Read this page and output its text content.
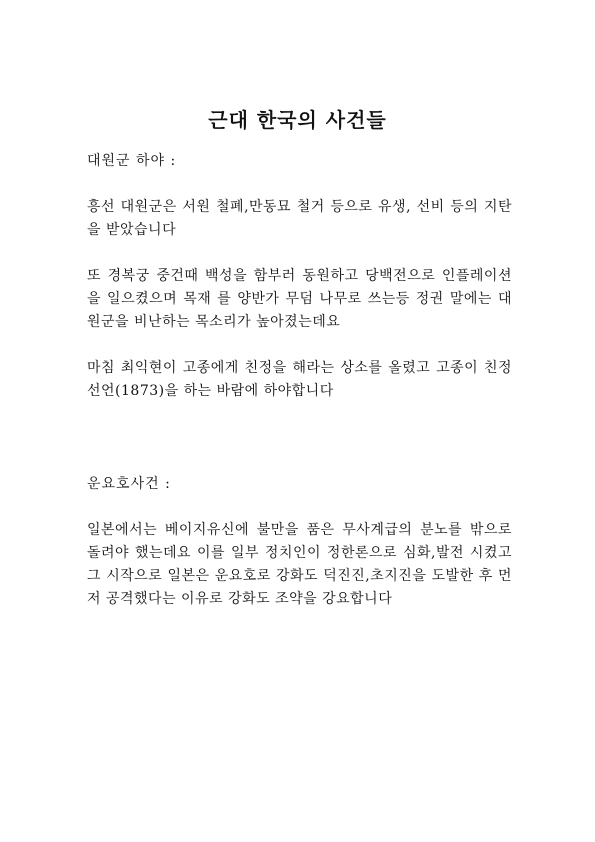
근대 한국의 사건들

대원군 하야 :

흥선 대원군은 서원 철폐,만동묘 철거 등으로 유생, 선비 등의 지탄을 받았습니다

또 경복궁 중건때 백성을 함부러 동원하고 당백전으로 인플레이션을 일으켰으며 목재 를 양반가 무덤 나무로 쓰는등 정권 말에는 대원군을 비난하는 목소리가 높아졌는데요

마침 최익현이 고종에게 친정을 해라는 상소를 올렸고 고종이 친정선언(1873)을 하는 바람에 하야합니다

운요호사건 :

일본에서는 베이지유신에 불만을 품은 무사계급의 분노를 밖으로 돌려야 했는데요 이를 일부 정치인이 정한론으로 심화,발전 시켰고 그 시작으로 일본은 운요호로 강화도 덕진진,초지진을 도발한 후 먼저 공격했다는 이유로 강화도 조약을 강요합니다
